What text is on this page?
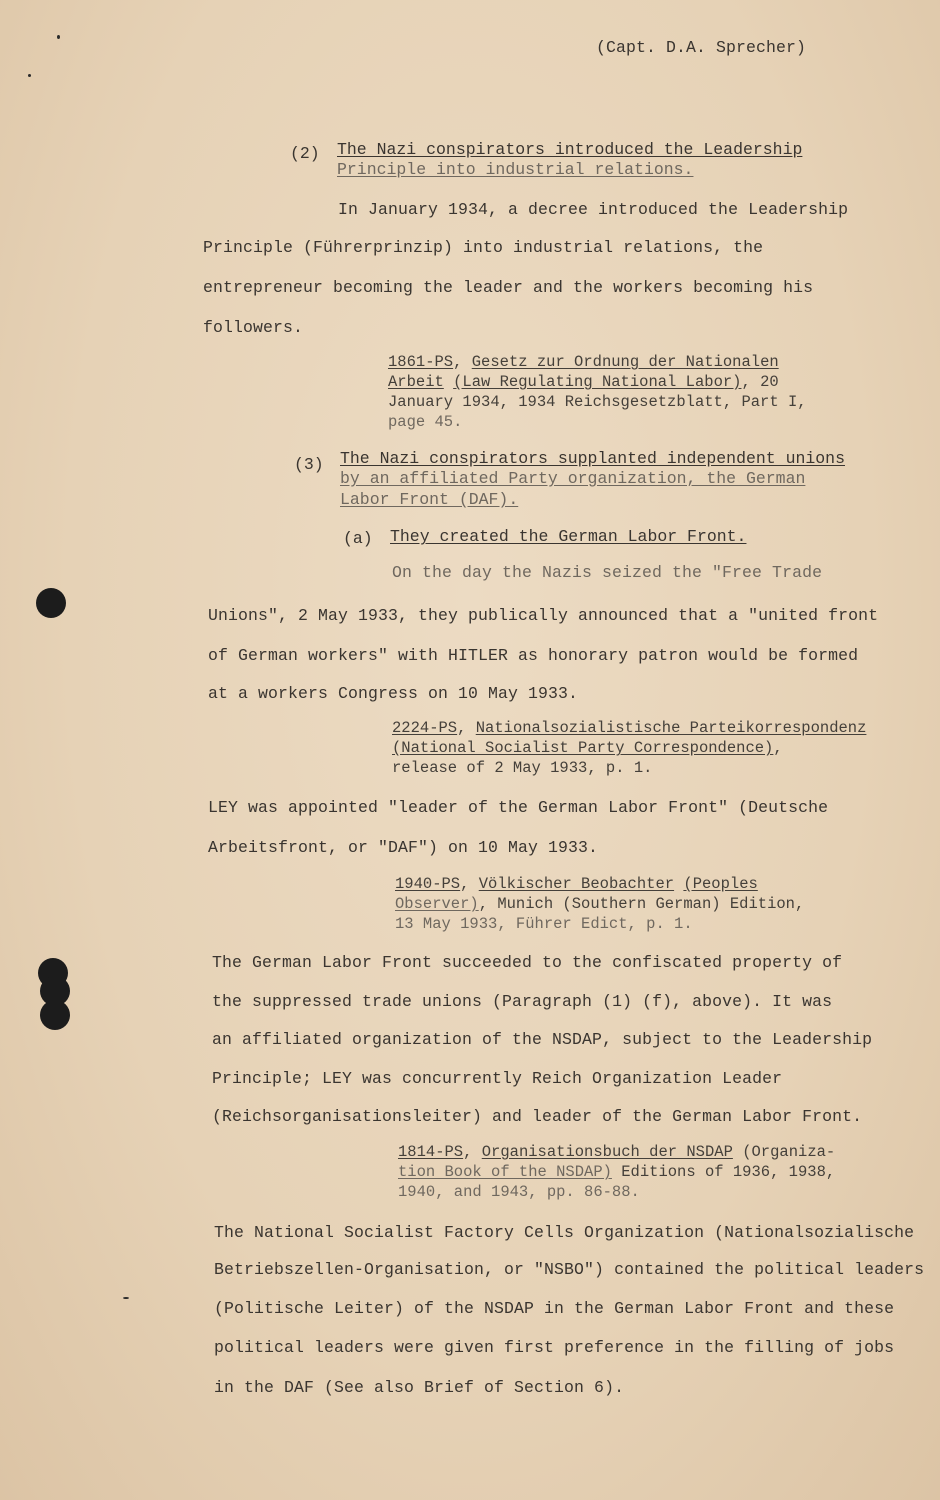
(Capt. D.A. Sprecher)
(2) The Nazi conspirators introduced the Leadership
Principle into industrial relations.
In January 1934, a decree introduced the Leadership
Principle (Führerprinzip) into industrial relations, the
entrepreneur becoming the leader and the workers becoming his
followers.
1861-PS, Gesetz zur Ordnung der Nationalen
Arbeit (Law Regulating National Labor), 20
January 1934, 1934 Reichsgesetzblatt, Part I,
page 45.
(3) The Nazi conspirators supplanted independent unions
by an affiliated Party organization, the German
Labor Front (DAF).
(a) They created the German Labor Front.
On the day the Nazis seized the "Free Trade
Unions", 2 May 1933, they publically announced that a "united front
of German workers" with HITLER as honorary patron would be formed
at a workers Congress on 10 May 1933.
2224-PS, Nationalsozialistische Parteikorrespondenz
(National Socialist Party Correspondence),
release of 2 May 1933, p. 1.
LEY was appointed "leader of the German Labor Front" (Deutsche
Arbeitsfront, or "DAF") on 10 May 1933.
1940-PS, Völkischer Beobachter (Peoples
Observer), Munich (Southern German) Edition,
13 May 1933, Führer Edict, p. 1.
The German Labor Front succeeded to the confiscated property of
the suppressed trade unions (Paragraph (1) (f), above). It was
an affiliated organization of the NSDAP, subject to the Leadership
Principle; LEY was concurrently Reich Organization Leader
(Reichsorganisationsleiter) and leader of the German Labor Front.
1814-PS, Organisationsbuch der NSDAP (Organiza-
tion Book of the NSDAP) Editions of 1936, 1938,
1940, and 1943, pp. 86-88.
The National Socialist Factory Cells Organization (Nationalsozialische
Betriebszellen-Organisation, or "NSBO") contained the political leaders
(Politische Leiter) of the NSDAP in the German Labor Front and these
political leaders were given first preference in the filling of jobs
in the DAF (See also Brief of Section 6).
